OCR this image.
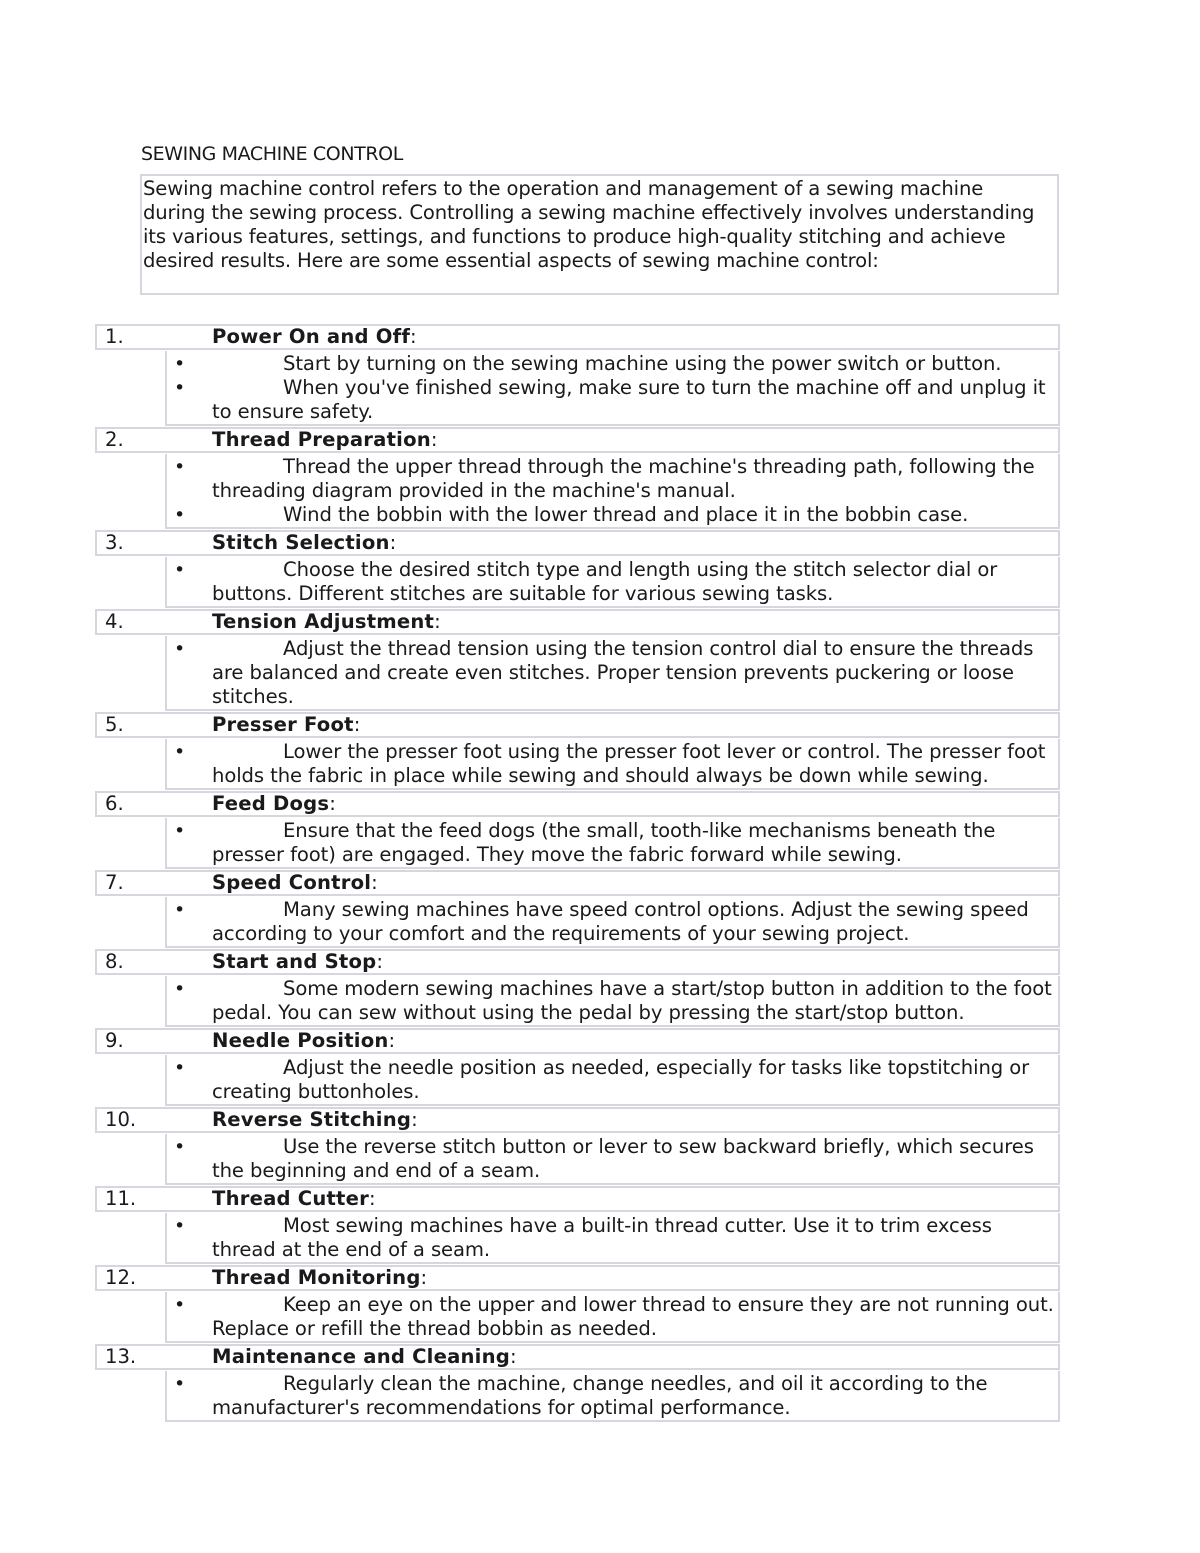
SEWING MACHINE CONTROL
Sewing machine control refers to the operation and management of a sewing machine during the sewing process. Controlling a sewing machine effectively involves understanding its various features, settings, and functions to produce high-quality stitching and achieve desired results. Here are some essential aspects of sewing machine control:
1.	Power On and Off:
•	Start by turning on the sewing machine using the power switch or button.
•	When you've finished sewing, make sure to turn the machine off and unplug it to ensure safety.
2.	Thread Preparation:
•	Thread the upper thread through the machine's threading path, following the threading diagram provided in the machine's manual.
•	Wind the bobbin with the lower thread and place it in the bobbin case.
3.	Stitch Selection:
•	Choose the desired stitch type and length using the stitch selector dial or buttons. Different stitches are suitable for various sewing tasks.
4.	Tension Adjustment:
•	Adjust the thread tension using the tension control dial to ensure the threads are balanced and create even stitches. Proper tension prevents puckering or loose stitches.
5.	Presser Foot:
•	Lower the presser foot using the presser foot lever or control. The presser foot holds the fabric in place while sewing and should always be down while sewing.
6.	Feed Dogs:
•	Ensure that the feed dogs (the small, tooth-like mechanisms beneath the presser foot) are engaged. They move the fabric forward while sewing.
7.	Speed Control:
•	Many sewing machines have speed control options. Adjust the sewing speed according to your comfort and the requirements of your sewing project.
8.	Start and Stop:
•	Some modern sewing machines have a start/stop button in addition to the foot pedal. You can sew without using the pedal by pressing the start/stop button.
9.	Needle Position:
•	Adjust the needle position as needed, especially for tasks like topstitching or creating buttonholes.
10.	Reverse Stitching:
•	Use the reverse stitch button or lever to sew backward briefly, which secures the beginning and end of a seam.
11.	Thread Cutter:
•	Most sewing machines have a built-in thread cutter. Use it to trim excess thread at the end of a seam.
12.	Thread Monitoring:
•	Keep an eye on the upper and lower thread to ensure they are not running out. Replace or refill the thread bobbin as needed.
13.	Maintenance and Cleaning:
•	Regularly clean the machine, change needles, and oil it according to the manufacturer's recommendations for optimal performance.
